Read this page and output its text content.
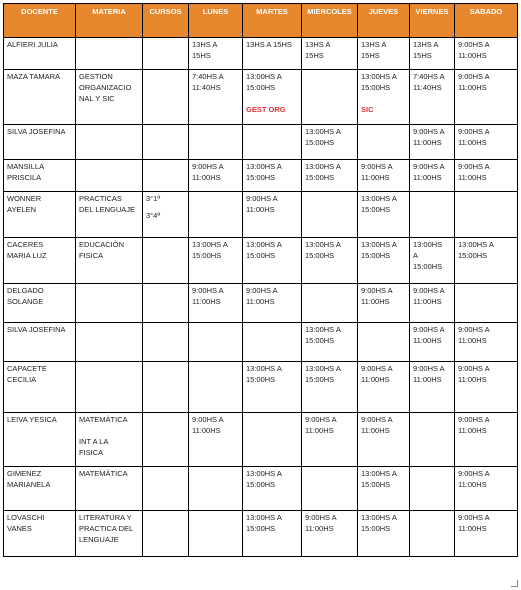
DOCENTE	MATERIA	CURSOS	LUNES	MARTES	MIERCOLES	JUEVES	VIERNES	SABADO

ALFIERI JULIA			13HS A
15HS	13HS A 15HS	13HS A
15HS	13HS A
15HS	13HS A
15HS	9:00HS A
11:00HS

MAZA TAMARA	GESTION
ORGANIZACIO
NAL Y SIC		7:40HS A
11:40HS	13:00HS A
15:00HS
GEST ORG		13:00HS A
15:00HS
SIC	7:40HS A
11:40HS	9:00HS A
11:00HS

SILVA JOSEFINA					13:00HS A
15:00HS		9:00HS A
11:00HS	9:00HS A
11:00HS

MANSILLA
PRISCILA			9:00HS A
11:00HS	13:00HS A
15:00HS	13:00HS A
15:00HS	9:00HS A
11:00HS	9:00HS A
11:00HS	9:00HS A
11:00HS

WONNER
AYELEN	PRACTICAS
DEL LENGUAJE	3°1ª
3°4ª		9:00HS A
11:00HS		13:00HS A
15:00HS		

CACERES
MARIA LUZ	EDUCACIÒN
FISICA		13:00HS A
15:00HS	13:00HS A
15:00HS	13:00HS A
15:00HS	13:00HS A
15:00HS	13:00HS
A
15:00HS	13:00HS A
15:00HS

DELGADO
SOLANGE			9:00HS A
11:00HS	9:00HS A
11:00HS		9:00HS A
11:00HS	9:00HS A
11:00HS	

SILVA JOSEFINA					13:00HS A
15:00HS		9:00HS A
11:00HS	9:00HS A
11:00HS

CAPACETE
CECILIA				13:00HS A
15:00HS	13:00HS A
15:00HS	9:00HS A
11:00HS	9:00HS A
11:00HS	9:00HS A
11:00HS

LEIVA YESICA	MATEMÀTICA
INT A LA
FISICA		9:00HS A
11:00HS		9:00HS A
11:00HS	9:00HS A
11:00HS		9:00HS A
11:00HS

GIMENEZ
MARIANELA	MATEMÀTICA			13:00HS A
15:00HS		13:00HS A
15:00HS		9:00HS A
11:00HS

LOVASCHI
VANES	LITERATURA Y
PRACTICA DEL
LENGUAJE			13:00HS A
15:00HS	9:00HS A
11:00HS	13:00HS A
15:00HS		9:00HS A
11:00HS
